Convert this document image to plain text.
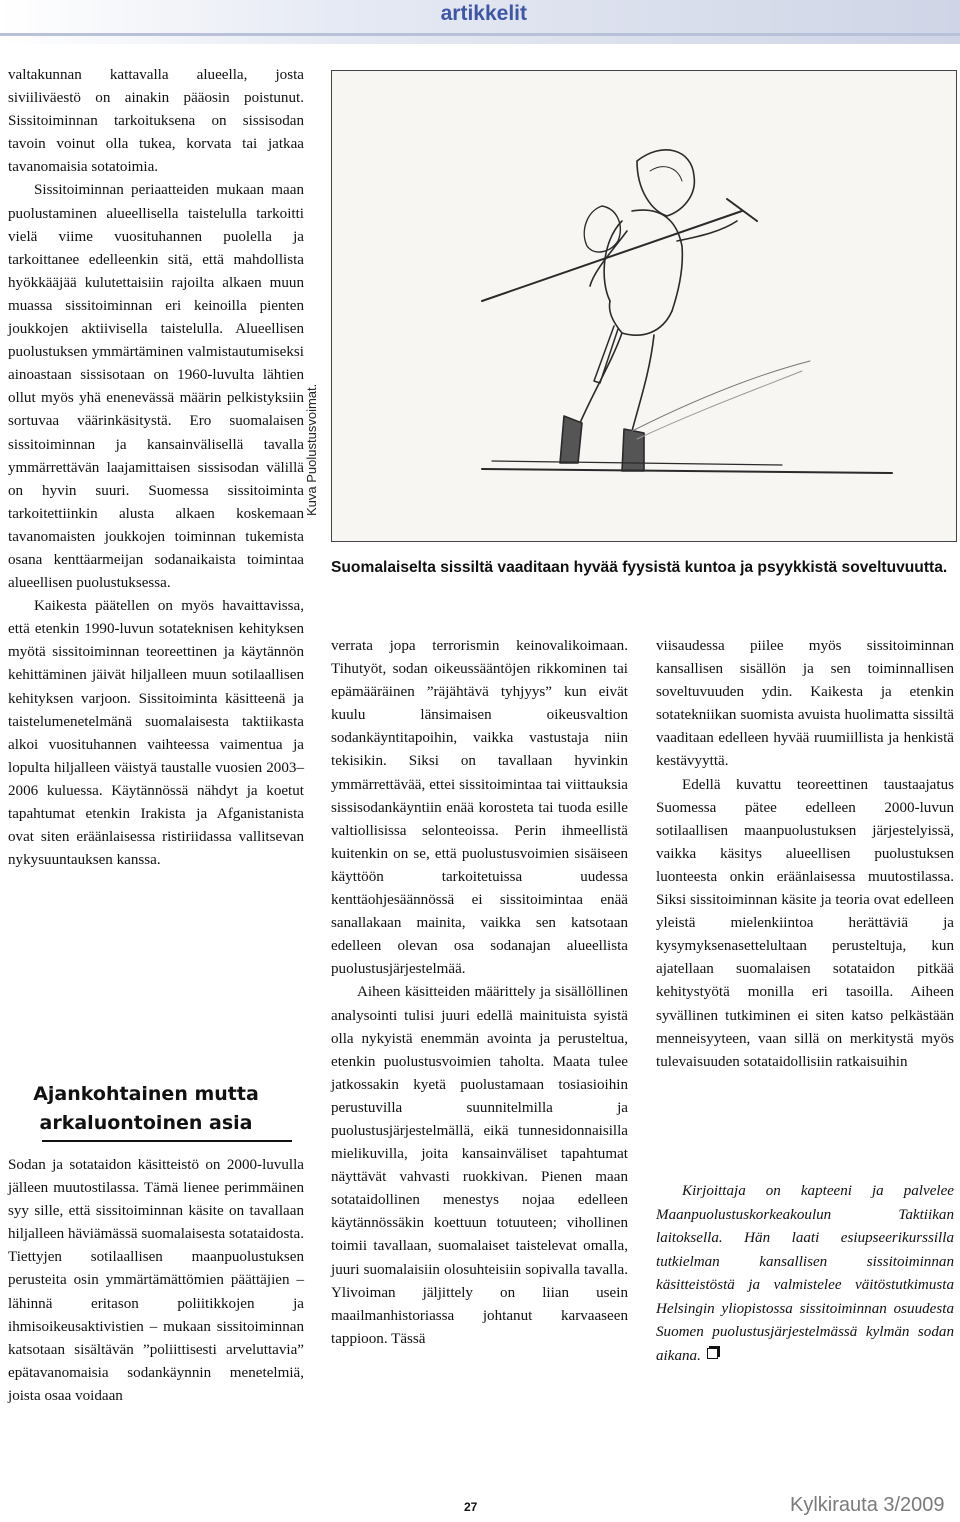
artikkelit

valtakunnan kattavalla alueella, josta siviiliväestö on ainakin pääosin poistunut. Sissitoiminnan tarkoituksena on sissisodan tavoin voinut olla tukea, korvata tai jatkaa tavanomaisia sotatoimia.

Sissitoiminnan periaatteiden mukaan maan puolustaminen alueellisella taistelulla tarkoitti vielä viime vuosituhannen puolella ja tarkoittanee edelleenkin sitä, että mahdollista hyökkääjää kulutettaisiin rajoilta alkaen muun muassa sissitoiminnan eri keinoilla pienten joukkojen aktiivisella taistelulla. Alueellisen puolustuksen ymmärtäminen valmistautumiseksi ainoastaan sissisotaan on 1960-luvulta lähtien ollut myös yhä enenevässä määrin pelkistyksiin sortuvaa väärinkäsitystä. Ero suomalaisen sissitoiminnan ja kansainvälisellä tavalla ymmärrettävän laajamittaisen sissisodan välillä on hyvin suuri. Suomessa sissitoiminta tarkoitettiinkin alusta alkaen koskemaan tavanomaisten joukkojen toiminnan tukemista osana kenttäarmeijan sodanaikaista toimintaa alueellisen puolustuksessa.

Kaikesta päätellen on myös havaittavissa, että etenkin 1990-luvun sotateknisen kehityksen myötä sissitoiminnan teoreettinen ja käytännön kehittäminen jäivät hiljalleen muun sotilaallisen kehityksen varjoon. Sissitoiminta käsitteenä ja taistelumenetelmänä suomalaisesta taktiikasta alkoi vuosituhannen vaihteessa vaimentua ja lopulta hiljalleen väistyä taustalle vuosien 2003–2006 kuluessa. Käytännössä nähdyt ja koetut tapahtumat etenkin Irakista ja Afganistanista ovat siten eräänlaisessa ristiriidassa vallitsevan nykysuuntauksen kanssa.

Ajankohtainen mutta arkaluontoinen asia

Sodan ja sotataidon käsitteistö on 2000-luvulla jälleen muutostilassa. Tämä lienee perimmäinen syy sille, että sissitoiminnan käsite on tavallaan hiljalleen häviämässä suomalaisesta sotataidosta. Tiettyjen sotilaallisen maanpuolustuksen perusteita osin ymmärtämättömien päättäjien – lähinnä eritason poliitikkojen ja ihmisoikeusaktivistien – mukaan sissitoiminnan katsotaan sisältävän ”poliittisesti arveluttavia” epätavanomaisia sodankäynnin menetelmiä, joista osaa voidaan

Kuva Puolustusvoimat.
Suomalaiselta sissiltä vaaditaan hyvää fyysistä kuntoa ja psyykkistä soveltuvuutta.

verrata jopa terrorismin keinovalikoimaan. Tihutyöt, sodan oikeussääntöjen rikkominen tai epämääräinen ”räjähtävä tyhjyys” kun eivät kuulu länsimaisen oikeusvaltion sodankäyntitapoihin, vaikka vastustaja niin tekisikin. Siksi on tavallaan hyvinkin ymmärrettävää, ettei sissitoimintaa tai viittauksia sissisodankäyntiin enää korosteta tai tuoda esille valtiollisissa selonteoissa. Perin ihmeellistä kuitenkin on se, että puolustusvoimien sisäiseen käyttöön tarkoitetuissa uudessa kenttäohjesäännössä ei sissitoimintaa enää sanallakaan mainita, vaikka sen katsotaan edelleen olevan osa sodanajan alueellista puolustusjärjestelmää.

Aiheen käsitteiden määrittely ja sisällöllinen analysointi tulisi juuri edellä mainituista syistä olla nykyistä enemmän avointa ja perusteltua, etenkin puolustusvoimien taholta. Maata tulee jatkossakin kyetä puolustamaan tosiasioihin perustuvilla suunnitelmilla ja puolustusjärjestelmällä, eikä tunnesidonnaisilla mielikuvilla, joita kansainväliset tapahtumat näyttävät vahvasti ruokkivan. Pienen maan sotataidollinen menestys nojaa edelleen käytännössäkin koettuun totuuteen; vihollinen toimii tavallaan, suomalaiset taistelevat omalla, juuri suomalaisiin olosuhteisiin sopivalla tavalla. Ylivoiman jäljittely on liian usein maailmanhistoriassa johtanut karvaaseen tappioon. Tässä

viisaudessa piilee myös sissitoiminnan kansallisen sisällön ja sen toiminnallisen soveltuvuuden ydin. Kaikesta ja etenkin sotatekniikan suomista avuista huolimatta sissiltä vaaditaan edelleen hyvää ruumiillista ja henkistä kestävyyttä.

Edellä kuvattu teoreettinen taustaajatus Suomessa pätee edelleen 2000-luvun sotilaallisen maanpuolustuksen järjestelyissä, vaikka käsitys alueellisen puolustuksen luonteesta onkin eräänlaisessa muutostilassa. Siksi sissitoiminnan käsite ja teoria ovat edelleen yleistä mielenkiintoa herättäviä ja kysymyksenasettelultaan perusteltuja, kun ajatellaan suomalaisen sotataidon pitkää kehitystyötä monilla eri tasoilla. Aiheen syvällinen tutkiminen ei siten katso pelkästään menneisyyteen, vaan sillä on merkitystä myös tulevaisuuden sotataidollisiin ratkaisuihin

Kirjoittaja on kapteeni ja palvelee Maanpuolustuskorkeakoulun Taktiikan laitoksella. Hän laati esiupseerikurssilla tutkielman kansallisen sissitoiminnan käsitteistöstä ja valmistelee väitöstutkimusta Helsingin yliopistossa sissitoiminnan osuudesta Suomen puolustusjärjestelmässä kylmän sodan aikana.

27	Kylkirauta 3/2009
